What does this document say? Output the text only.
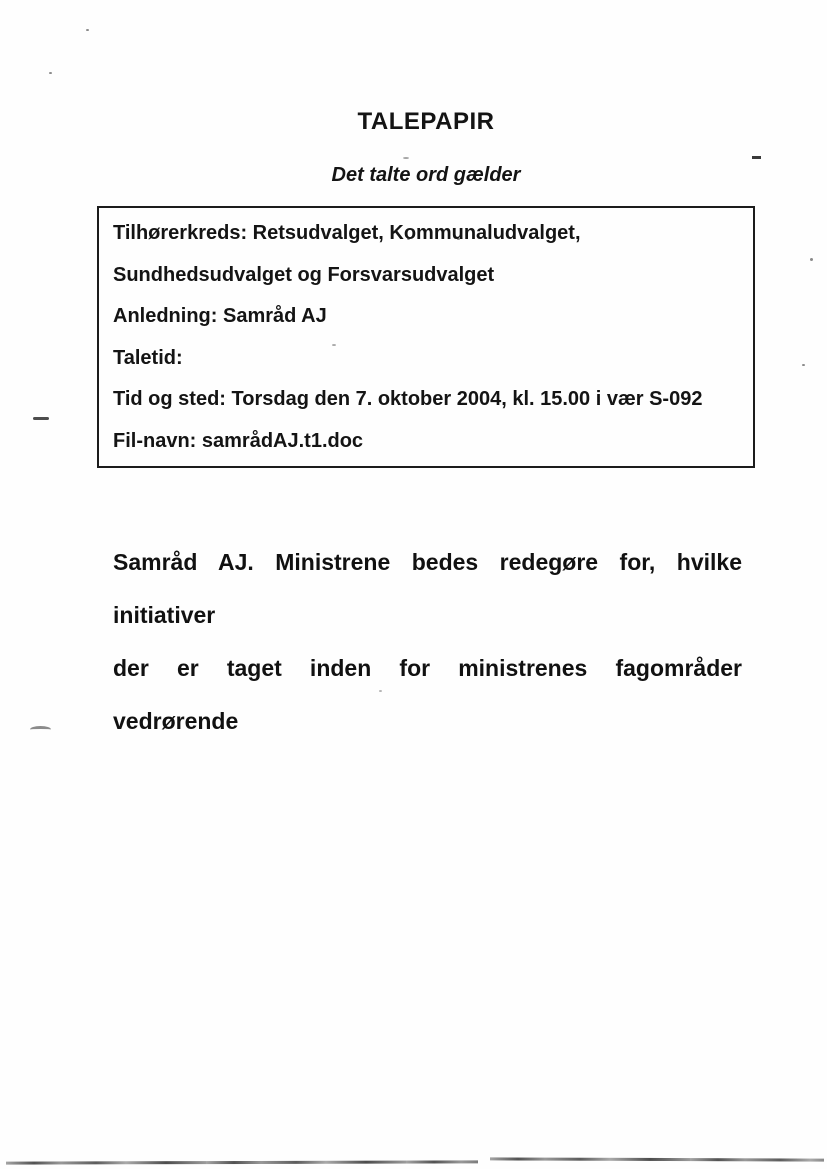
TALEPAPIR
Det talte ord gælder
Tilhørerkreds: Retsudvalget, Kommunaludvalget,
Sundhedsudvalget og Forsvarsudvalget
Anledning: Samråd AJ
Taletid:
Tid og sted: Torsdag den 7. oktober 2004, kl. 15.00 i vær S-092
Fil-navn: samrådAJ.t1.doc
Samråd AJ. Ministrene bedes redegøre for, hvilke initiativer
der er taget inden for ministrenes fagområder vedrørende
